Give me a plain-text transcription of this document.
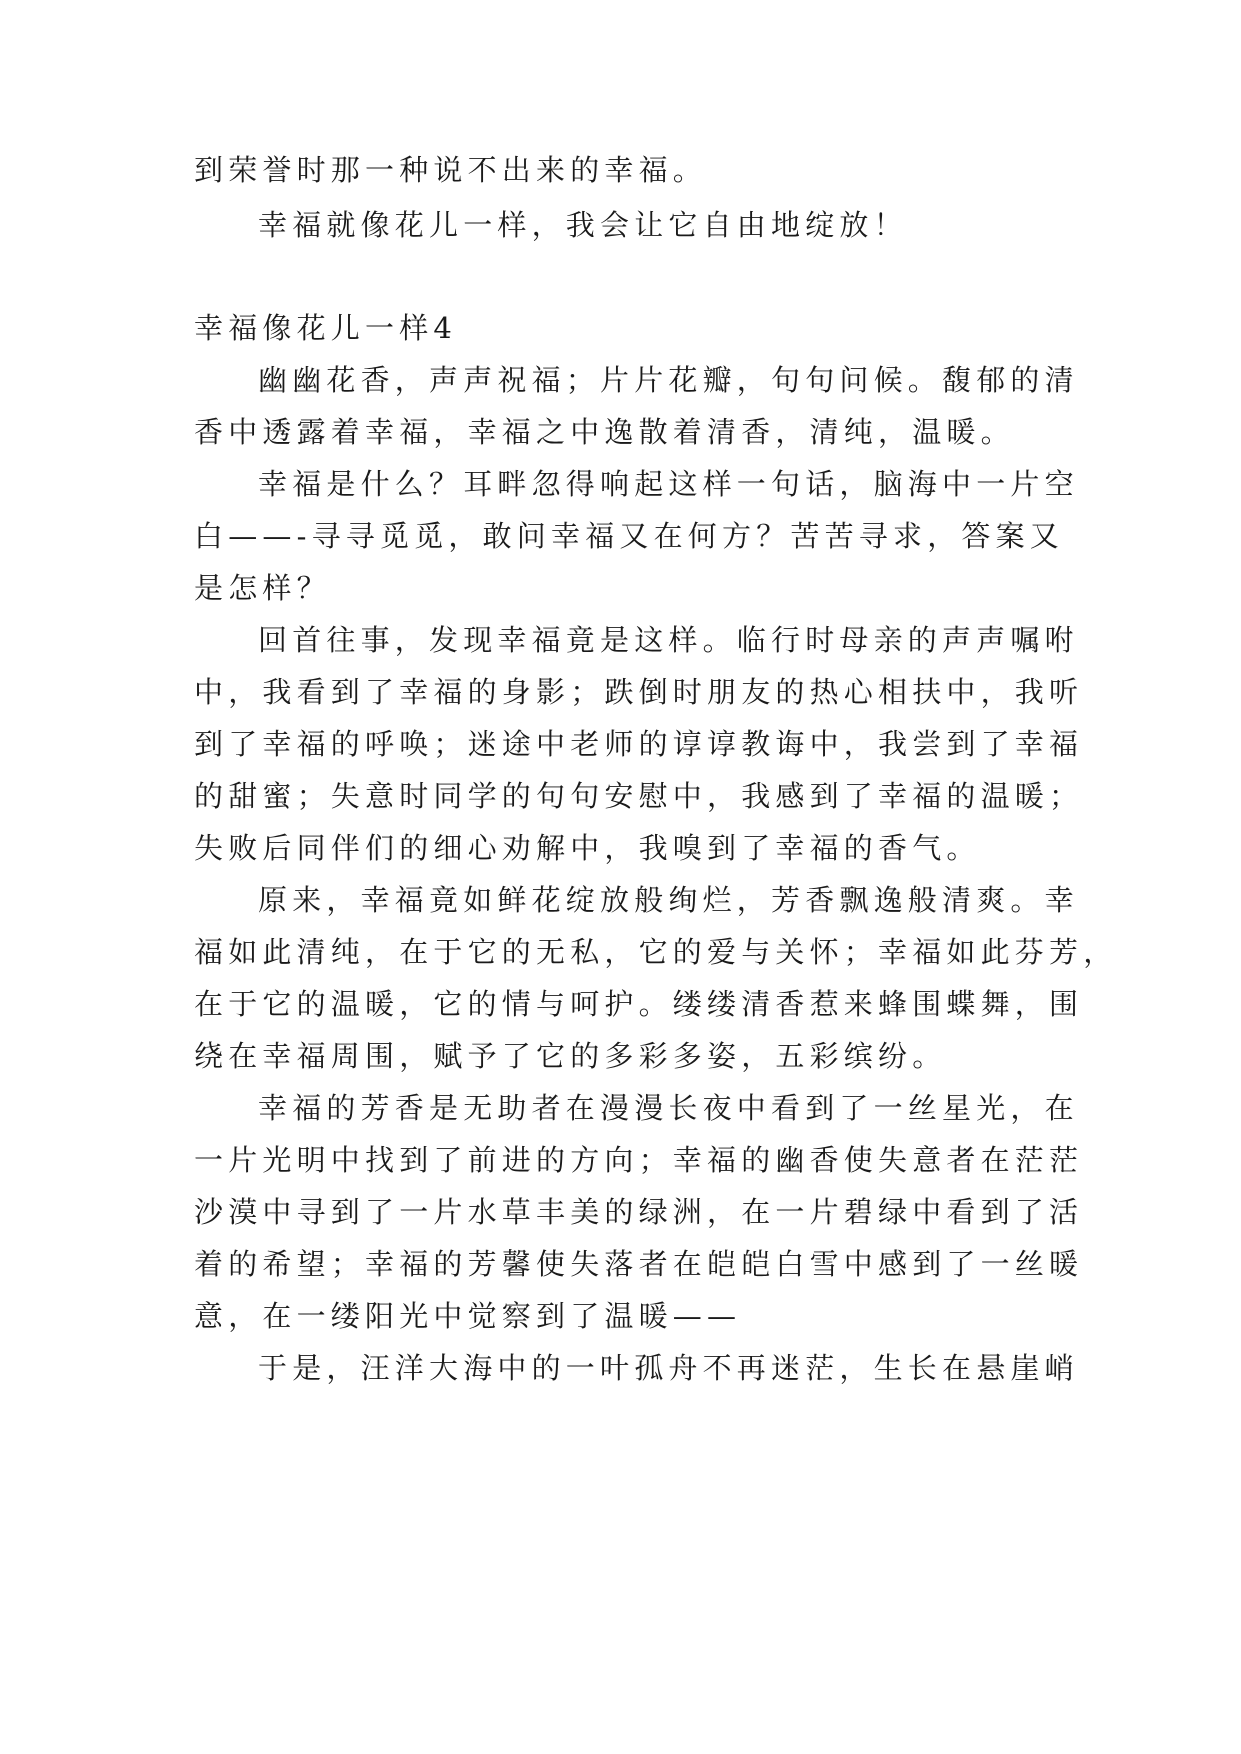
到荣誉时那一种说不出来的幸福。
幸福就像花儿一样，我会让它自由地绽放！
幸福像花儿一样4
幽幽花香，声声祝福；片片花瓣，句句问候。馥郁的清
香中透露着幸福，幸福之中逸散着清香，清纯，温暖。
幸福是什么？耳畔忽得响起这样一句话，脑海中一片空
白——-寻寻觅觅，敢问幸福又在何方？苦苦寻求，答案又
是怎样？
回首往事，发现幸福竟是这样。临行时母亲的声声嘱咐
中，我看到了幸福的身影；跌倒时朋友的热心相扶中，我听
到了幸福的呼唤；迷途中老师的谆谆教诲中，我尝到了幸福
的甜蜜；失意时同学的句句安慰中，我感到了幸福的温暖；
失败后同伴们的细心劝解中，我嗅到了幸福的香气。
原来，幸福竟如鲜花绽放般绚烂，芳香飘逸般清爽。幸
福如此清纯，在于它的无私，它的爱与关怀；幸福如此芬芳，
在于它的温暖，它的情与呵护。缕缕清香惹来蜂围蝶舞，围
绕在幸福周围，赋予了它的多彩多姿，五彩缤纷。
幸福的芳香是无助者在漫漫长夜中看到了一丝星光，在
一片光明中找到了前进的方向；幸福的幽香使失意者在茫茫
沙漠中寻到了一片水草丰美的绿洲，在一片碧绿中看到了活
着的希望；幸福的芳馨使失落者在皑皑白雪中感到了一丝暖
意，在一缕阳光中觉察到了温暖——
于是，汪洋大海中的一叶孤舟不再迷茫，生长在悬崖峭
